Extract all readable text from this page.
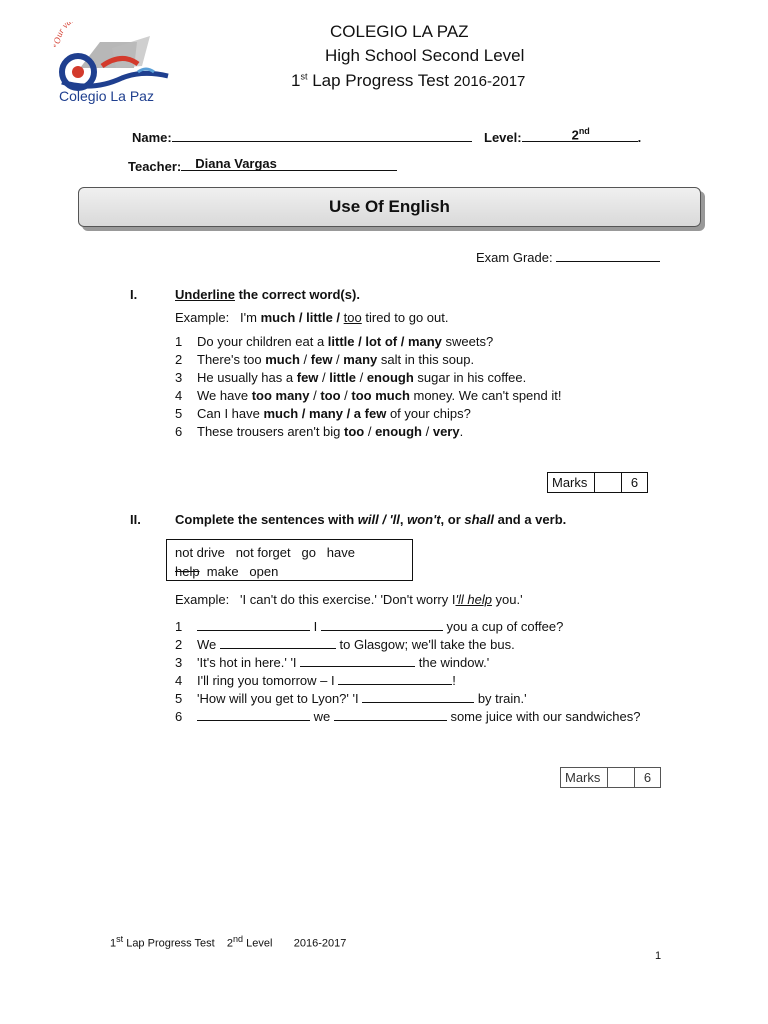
"Our va
Colegio La Paz
COLEGIO LA PAZ
High School Second Level
1st Lap Progress Test 2016-2017
Name:	Level:	2nd	.
Teacher: Diana Vargas
Use Of English
Exam Grade:
I.	Underline the correct word(s).
Example: I'm much / little / too tired to go out.
1 Do your children eat a little / lot of / many sweets?
2 There's too much / few / many salt in this soup.
3 He usually has a few / little / enough sugar in his coffee.
4 We have too many / too / too much money. We can't spend it!
5 Can I have much / many / a few of your chips?
6 These trousers aren't big too / enough / very.
Marks	6
II.	Complete the sentences with will / 'll, won't, or shall and a verb.
not drive   not forget   go   have
help  make   open
Example: 'I can't do this exercise.' 'Don't worry I'll help you.'
1	I	you a cup of coffee?
2 We	to Glasgow; we'll take the bus.
3 'It's hot in here.' 'I	the window.'
4 I'll ring you tomorrow – I	!
5 'How will you get to Lyon?' 'I	by train.'
6	we	some juice with our sandwiches?
Marks	6
1st Lap Progress Test 2nd Level 2016-2017
1
